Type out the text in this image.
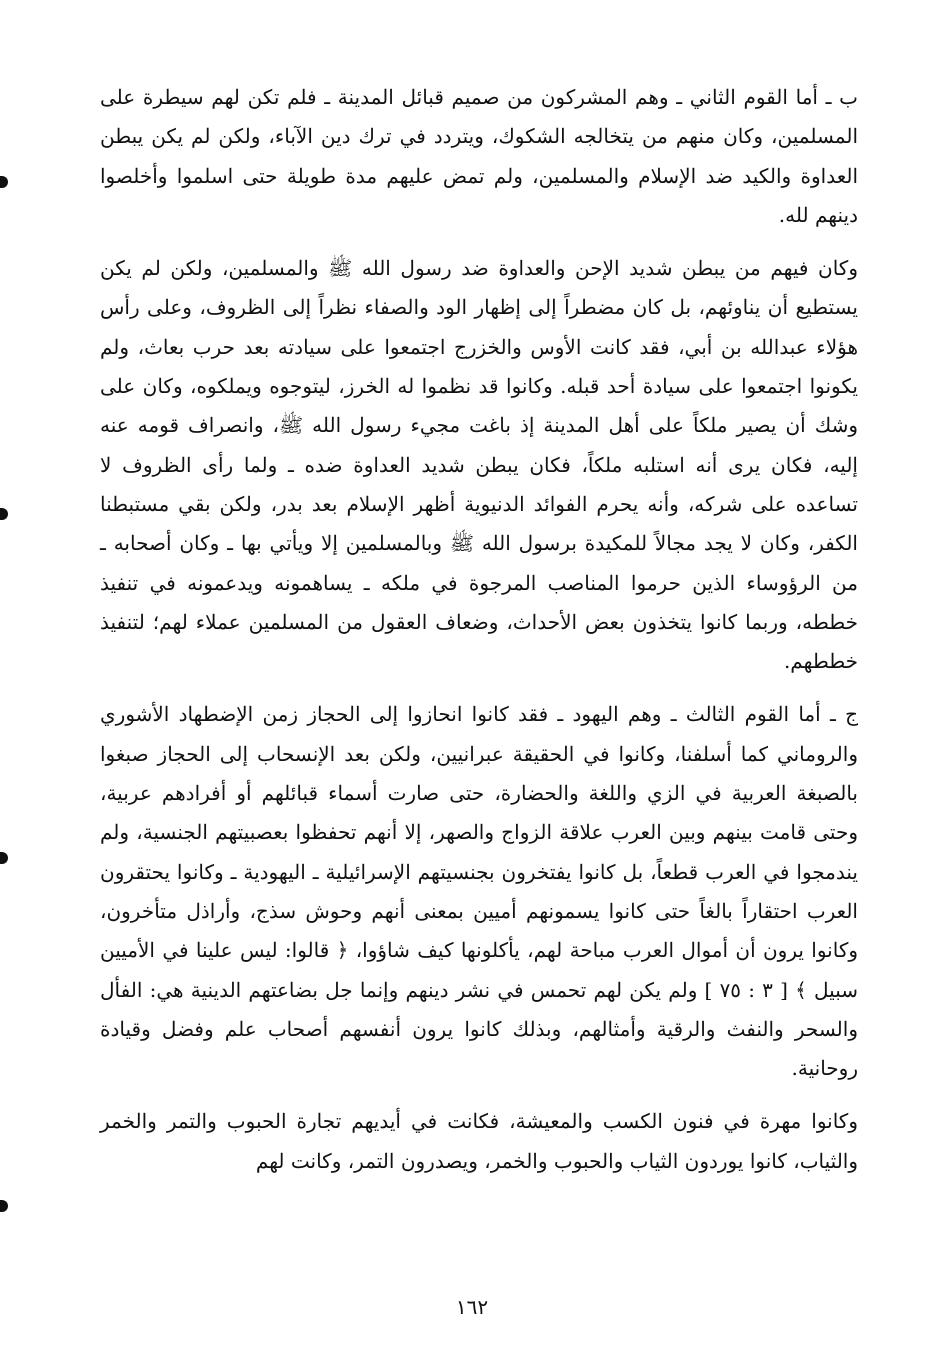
ب ـ أما القوم الثاني ـ وهم المشركون من صميم قبائل المدينة ـ فلم تكن لهم سيطرة على المسلمين، وكان منهم من يتخالجه الشكوك، ويتردد في ترك دين الآباء، ولكن لم يكن يبطن العداوة والكيد ضد الإسلام والمسلمين، ولم تمض عليهم مدة طويلة حتى اسلموا وأخلصوا دينهم لله.

وكان فيهم من يبطن شديد الإحن والعداوة ضد رسول الله ﷺ والمسلمين، ولكن لم يكن يستطيع أن يناوئهم، بل كان مضطراً إلى إظهار الود والصفاء نظراً إلى الظروف، وعلى رأس هؤلاء عبدالله بن أبي، فقد كانت الأوس والخزرج اجتمعوا على سيادته بعد حرب بعاث، ولم يكونوا اجتمعوا على سيادة أحد قبله. وكانوا قد نظموا له الخرز، ليتوجوه ويملكوه، وكان على وشك أن يصير ملكاً على أهل المدينة إذ باغت مجيء رسول الله ﷺ، وانصراف قومه عنه إليه، فكان يرى أنه استلبه ملكاً، فكان يبطن شديد العداوة ضده ـ ولما رأى الظروف لا تساعده على شركه، وأنه يحرم الفوائد الدنيوية أظهر الإسلام بعد بدر، ولكن بقي مستبطنا الكفر، وكان لا يجد مجالاً للمكيدة برسول الله ﷺ وبالمسلمين إلا ويأتي بها ـ وكان أصحابه ـ من الرؤوساء الذين حرموا المناصب المرجوة في ملكه ـ يساهمونه ويدعمونه في تنفيذ خططه، وربما كانوا يتخذون بعض الأحداث، وضعاف العقول من المسلمين عملاء لهم؛ لتنفيذ خططهم.

ج ـ أما القوم الثالث ـ وهم اليهود ـ فقد كانوا انحازوا إلى الحجاز زمن الإضطهاد الأشوري والروماني كما أسلفنا، وكانوا في الحقيقة عبرانيين، ولكن بعد الإنسحاب إلى الحجاز صبغوا بالصبغة العربية في الزي واللغة والحضارة، حتى صارت أسماء قبائلهم أو أفرادهم عربية، وحتى قامت بينهم وبين العرب علاقة الزواج والصهر، إلا أنهم تحفظوا بعصبيتهم الجنسية، ولم يندمجوا في العرب قطعاً، بل كانوا يفتخرون بجنسيتهم الإسرائيلية ـ اليهودية ـ وكانوا يحتقرون العرب احتقاراً بالغاً حتى كانوا يسمونهم أميين بمعنى أنهم وحوش سذج، وأراذل متأخرون، وكانوا يرون أن أموال العرب مباحة لهم، يأكلونها كيف شاؤوا، ﴿ قالوا: ليس علينا في الأميين سبيل ﴾ [ ٣ : ٧٥ ] ولم يكن لهم تحمس في نشر دينهم وإنما جل بضاعتهم الدينية هي: الفأل والسحر والنفث والرقية وأمثالهم، وبذلك كانوا يرون أنفسهم أصحاب علم وفضل وقيادة روحانية.

وكانوا مهرة في فنون الكسب والمعيشة، فكانت في أيديهم تجارة الحبوب والتمر والخمر والثياب، كانوا يوردون الثياب والحبوب والخمر، ويصدرون التمر، وكانت لهم

١٦٢
